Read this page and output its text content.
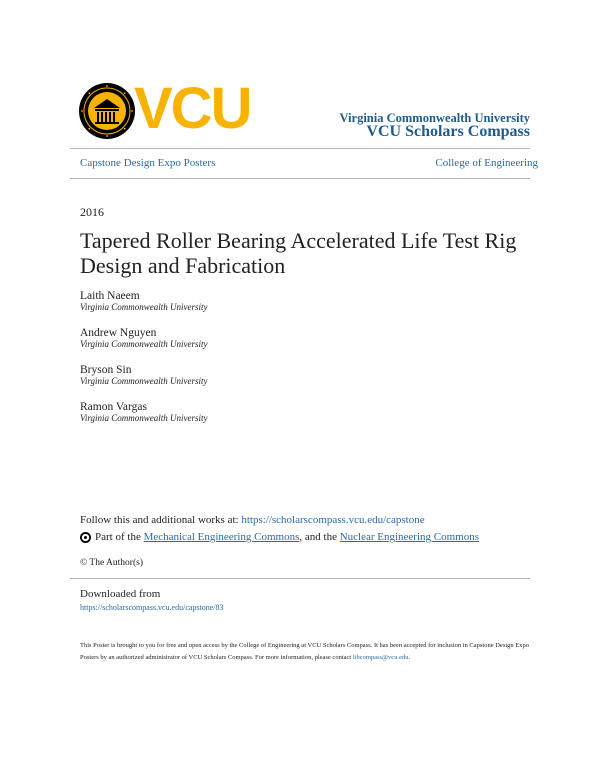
VCU	Virginia Commonwealth University
VCU Scholars Compass
Capstone Design Expo Posters	College of Engineering
2016
Tapered Roller Bearing Accelerated Life Test Rig Design and Fabrication
Laith Naeem
Virginia Commonwealth University
Andrew Nguyen
Virginia Commonwealth University
Bryson Sin
Virginia Commonwealth University
Ramon Vargas
Virginia Commonwealth University
Follow this and additional works at: https://scholarscompass.vcu.edu/capstone
Part of the Mechanical Engineering Commons , and the Nuclear Engineering Commons
© The Author(s)
Downloaded from
https://scholarscompass.vcu.edu/capstone/83
This Poster is brought to you for free and open access by the College of Engineering at VCU Scholars Compass. It has been accepted for inclusion in Capstone Design Expo Posters by an authorized administrator of VCU Scholars Compass. For more information, please contact libcompass@vcu.edu.
